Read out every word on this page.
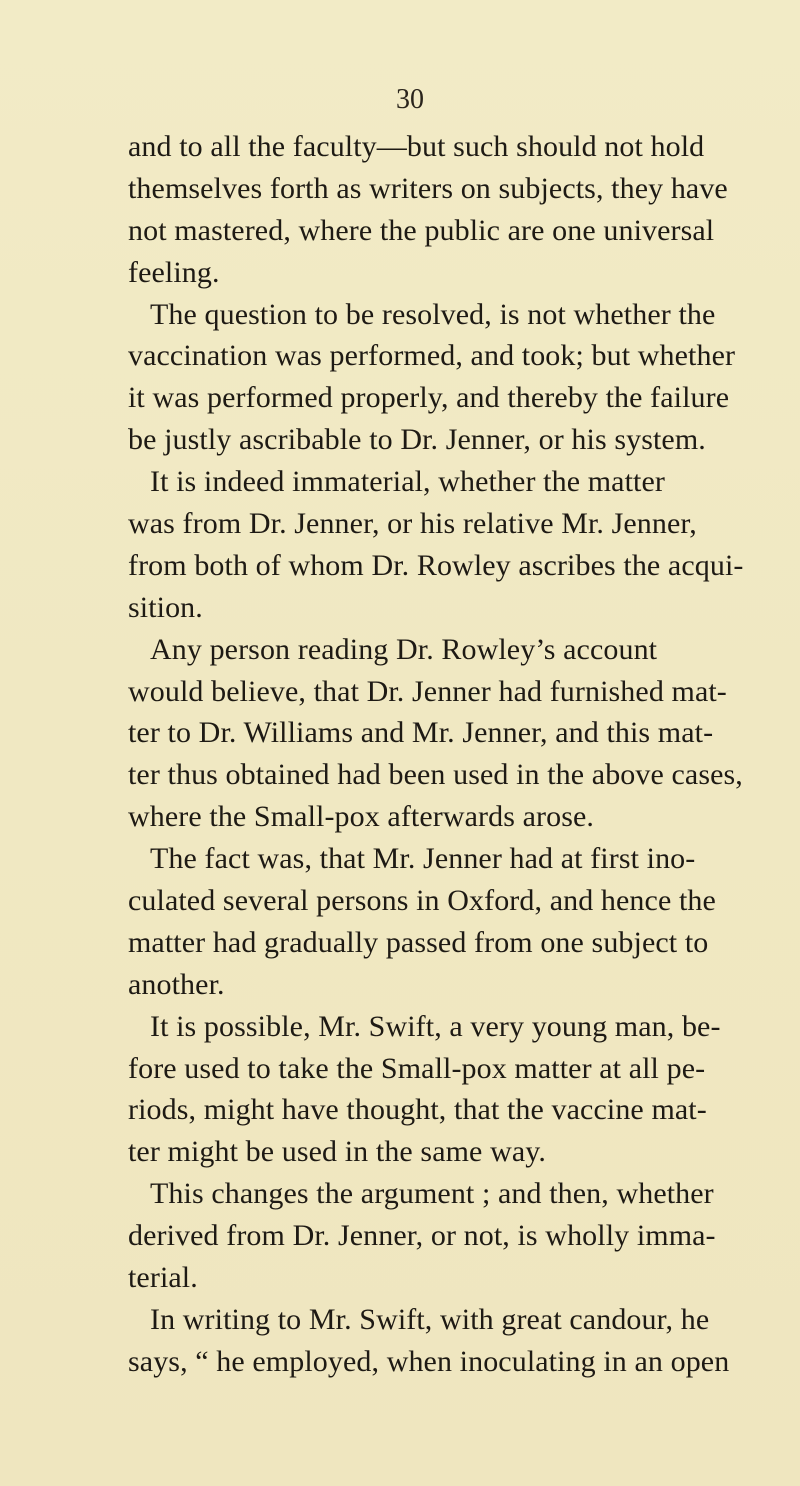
30
and to all the faculty—but such should not hold
themselves forth as writers on subjects, they have
not mastered, where the public are one universal
feeling.
The question to be resolved, is not whether the
vaccination was performed, and took; but whether
it was performed properly, and thereby the failure
be justly ascribable to Dr. Jenner, or his system.
It is indeed immaterial, whether the matter
was from Dr. Jenner, or his relative Mr. Jenner,
from both of whom Dr. Rowley ascribes the acqui-
sition.
Any person reading Dr. Rowley’s account
would believe, that Dr. Jenner had furnished mat-
ter to Dr. Williams and Mr. Jenner, and this mat-
ter thus obtained had been used in the above cases,
where the Small-pox afterwards arose.
The fact was, that Mr. Jenner had at first ino-
culated several persons in Oxford, and hence the
matter had gradually passed from one subject to
another.
It is possible, Mr. Swift, a very young man, be-
fore used to take the Small-pox matter at all pe-
riods, might have thought, that the vaccine mat-
ter might be used in the same way.
This changes the argument ; and then, whether
derived from Dr. Jenner, or not, is wholly imma-
terial.
In writing to Mr. Swift, with great candour, he
says, “ he employed, when inoculating in an open
